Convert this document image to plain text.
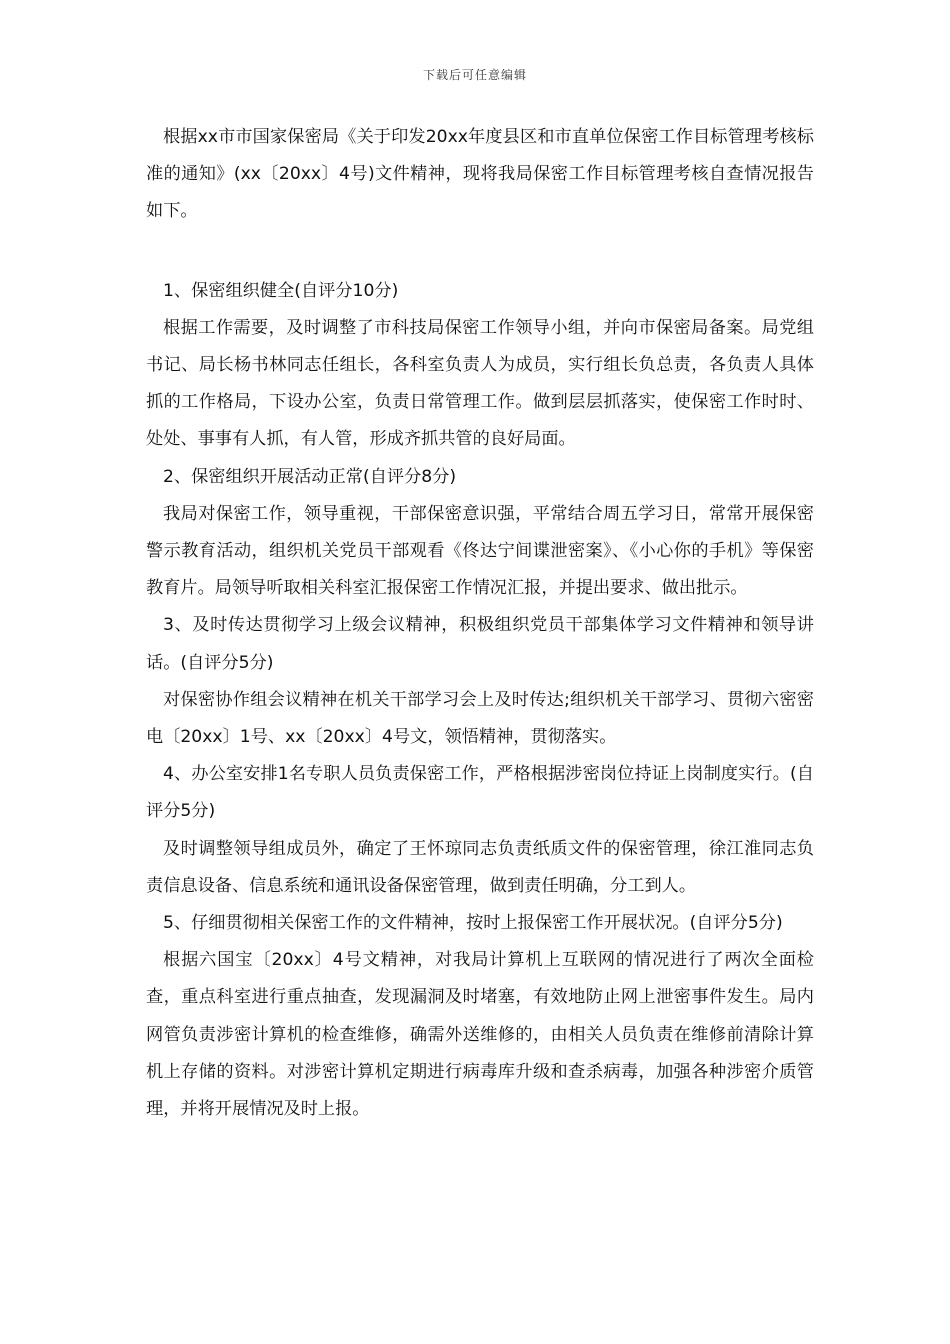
下载后可任意编辑

根据xx市市国家保密局《关于印发20xx年度县区和市直单位保密工作目标管理考核标准的通知》(xx〔20xx〕4号)文件精神，现将我局保密工作目标管理考核自查情况报告如下。

1、保密组织健全(自评分10分)

根据工作需要，及时调整了市科技局保密工作领导小组，并向市保密局备案。局党组书记、局长杨书林同志任组长，各科室负责人为成员，实行组长负总责，各负责人具体抓的工作格局，下设办公室，负责日常管理工作。做到层层抓落实，使保密工作时时、处处、事事有人抓，有人管，形成齐抓共管的良好局面。

2、保密组织开展活动正常(自评分8分)

我局对保密工作，领导重视，干部保密意识强，平常结合周五学习日，常常开展保密警示教育活动，组织机关党员干部观看《佟达宁间谍泄密案》、《小心你的手机》等保密教育片。局领导听取相关科室汇报保密工作情况汇报，并提出要求、做出批示。

3、及时传达贯彻学习上级会议精神，积极组织党员干部集体学习文件精神和领导讲话。(自评分5分)

对保密协作组会议精神在机关干部学习会上及时传达;组织机关干部学习、贯彻六密密电〔20xx〕1号、xx〔20xx〕4号文，领悟精神，贯彻落实。

4、办公室安排1名专职人员负责保密工作，严格根据涉密岗位持证上岗制度实行。(自评分5分)

及时调整领导组成员外，确定了王怀琼同志负责纸质文件的保密管理，徐江淮同志负责信息设备、信息系统和通讯设备保密管理，做到责任明确，分工到人。

5、仔细贯彻相关保密工作的文件精神，按时上报保密工作开展状况。(自评分5分)

根据六国宝〔20xx〕4号文精神，对我局计算机上互联网的情况进行了两次全面检查，重点科室进行重点抽查，发现漏洞及时堵塞，有效地防止网上泄密事件发生。局内网管负责涉密计算机的检查维修，确需外送维修的，由相关人员负责在维修前清除计算机上存储的资料。对涉密计算机定期进行病毒库升级和查杀病毒，加强各种涉密介质管理，并将开展情况及时上报。
